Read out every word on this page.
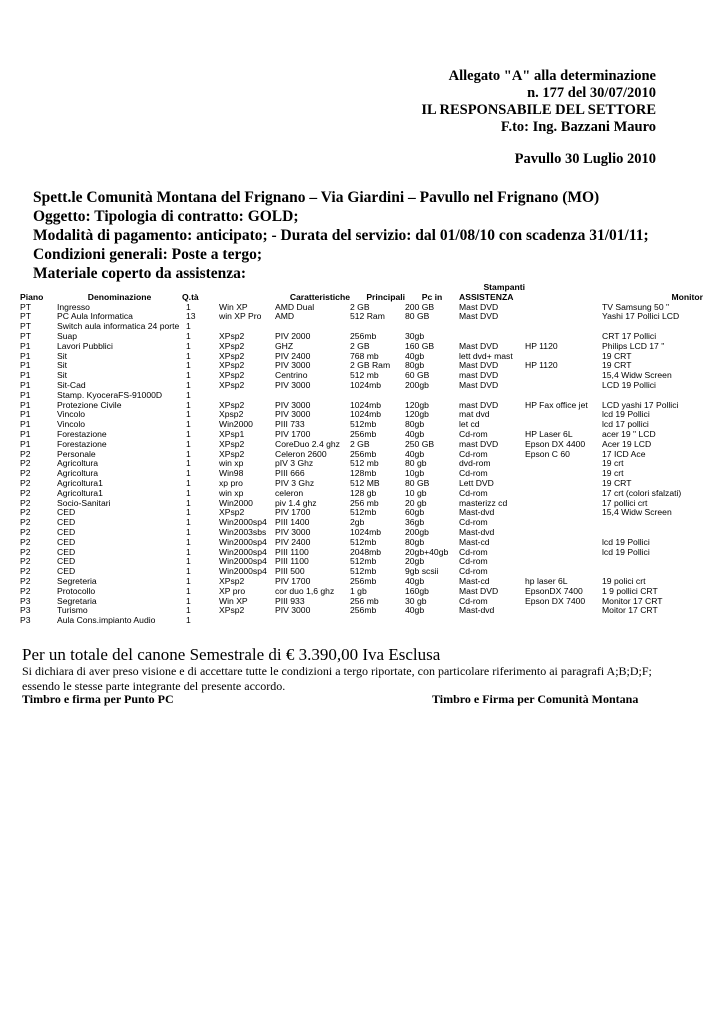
Allegato "A" alla determinazione
n. 177 del 30/07/2010
IL RESPONSABILE DEL SETTORE
F.to: Ing. Bazzani Mauro
Pavullo 30 Luglio 2010
Spett.le Comunità Montana del Frignano – Via Giardini – Pavullo nel Frignano (MO)
Oggetto: Tipologia di contratto: GOLD;
Modalità di pagamento: anticipato; - Durata del servizio: dal 01/08/10 con scadenza 31/01/11;
Condizioni generali: Poste a tergo;
Materiale coperto da assistenza:
							Stampanti		
Piano	Denominazione	Q.tà		Caratteristiche	Principali	Pc in	ASSISTENZA		Monitor
PT	Ingresso	1	Win XP	AMD Dual	2 GB	200 GB	Mast DVD		TV Samsung 50 "
PT	PC Aula Informatica	13	win XP Pro	AMD	512 Ram	80 GB	Mast DVD		Yashi 17 Pollici LCD
PT	Switch aula informatica 24 porte	1							
PT	Suap	1	XPsp2	PIV 2000	256mb	30gb			CRT 17 Pollici
P1	Lavori Pubblici	1	XPsp2	GHZ	2 GB	160 GB	Mast DVD	HP 1120	Philips LCD 17 "
P1	Sit	1	XPsp2	PIV 2400	768 mb	40gb	lett dvd+ mast		19 CRT
P1	Sit	1	XPsp2	PIV 3000	2 GB Ram	80gb	Mast DVD	HP 1120	19 CRT
P1	Sit	1	XPsp2	Centrino	512 mb	60 GB	mast DVD		15,4 Widw Screen
P1	Sit-Cad	1	XPsp2	PIV 3000	1024mb	200gb	Mast DVD		LCD 19 Pollici
P1	Stamp. KyoceraFS-91000D	1							
P1	Protezione Civile	1	XPsp2	PIV 3000	1024mb	120gb	mast DVD	HP Fax office jet	LCD yashi 17 Pollici
P1	Vincolo	1	Xpsp2	PIV 3000	1024mb	120gb	mat dvd		lcd 19 Pollici
P1	Vincolo	1	Win2000	PIII 733	512mb	80gb	let cd		lcd 17 pollici
P1	Forestazione	1	XPsp1	PIV 1700	256mb	40gb	Cd-rom	HP Laser 6L	acer 19 " LCD
P1	Forestazione	1	XPsp2	CoreDuo 2.4 ghz	2 GB	250 GB	mast DVD	Epson DX 4400	Acer 19 LCD
P2	Personale	1	XPsp2	Celeron 2600	256mb	40gb	Cd-rom	Epson C 60	17 ICD Ace
P2	Agricoltura	1	win xp	pIV 3 Ghz	512 mb	80 gb	dvd-rom		19 crt
P2	Agricoltura	1	Win98	PIII 666	128mb	10gb	Cd-rom		19 crt
P2	Agricoltura1	1	xp pro	PIV 3 Ghz	512 MB	80 GB	Lett DVD		19 CRT
P2	Agricoltura1	1	win xp	celeron	128 gb	10 gb	Cd-rom		17 crt (colori sfalzati)
P2	Socio-Sanitari	1	Win2000	piv 1.4 ghz	256 mb	20 gb	masterizz cd		17 pollici crt
P2	CED	1	XPsp2	PIV 1700	512mb	60gb	Mast-dvd		15,4 Widw Screen
P2	CED	1	Win2000sp4	PIII 1400	2gb	36gb	Cd-rom		
P2	CED	1	Win2003sbs	PIV 3000	1024mb	200gb	Mast-dvd		
P2	CED	1	Win2000sp4	PIV 2400	512mb	80gb	Mast-cd		lcd 19 Pollici
P2	CED	1	Win2000sp4	PIII 1100	2048mb	20gb+40gb	Cd-rom		lcd 19 Pollici
P2	CED	1	Win2000sp4	PIII 1100	512mb	20gb	Cd-rom		
P2	CED	1	Win2000sp4	PIII 500	512mb	9gb scsii	Cd-rom		
P2	Segreteria	1	XPsp2	PIV 1700	256mb	40gb	Mast-cd	hp laser 6L	19 polici crt
P2	Protocollo	1	XP pro	cor duo 1,6 ghz	1 gb	160gb	Mast DVD	EpsonDX 7400	1 9 pollici CRT
P3	Segretaria	1	Win XP	PIII 933	256 mb	30 gb	Cd-rom	Epson DX 7400	Monitor 17 CRT
P3	Turismo	1	XPsp2	PIV 3000	256mb	40gb	Mast-dvd		Moitor 17 CRT
P3	Aula Cons.impianto Audio	1							
Per un totale del canone Semestrale di € 3.390,00 Iva Esclusa
Si dichiara di aver preso visione e di accettare tutte le condizioni a tergo riportate, con particolare riferimento ai paragrafi A;B;D;F; essendo le stesse parte integrante del presente accordo.
Timbro e firma per Punto PC	Timbro e Firma per Comunità Montana
